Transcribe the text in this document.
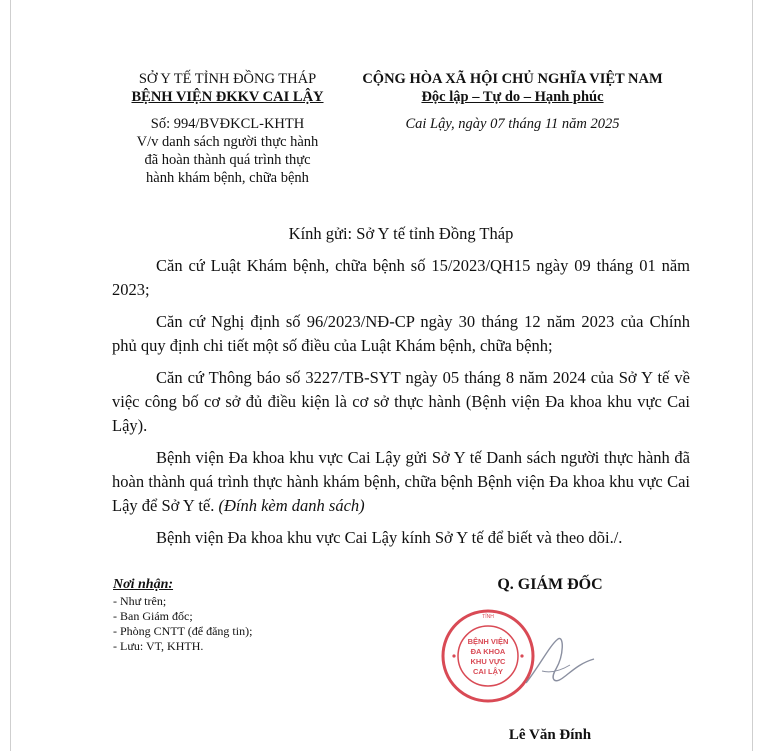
SỞ Y TẾ TỈNH ĐỒNG THÁP
BỆNH VIỆN ĐKKV CAI LẬY
Số: 994/BVĐKCL-KHTH
V/v danh sách người thực hành
đã hoàn thành quá trình thực
hành khám bệnh, chữa bệnh
CỘNG HÒA XÃ HỘI CHỦ NGHĨA VIỆT NAM
Độc lập – Tự do – Hạnh phúc
Cai Lậy, ngày 07 tháng 11 năm 2025
Kính gửi: Sở Y tế tỉnh Đồng Tháp

Căn cứ Luật Khám bệnh, chữa bệnh số 15/2023/QH15 ngày 09 tháng 01 năm 2023;

Căn cứ Nghị định số 96/2023/NĐ-CP ngày 30 tháng 12 năm 2023 của Chính phủ quy định chi tiết một số điều của Luật Khám bệnh, chữa bệnh;

Căn cứ Thông báo số 3227/TB-SYT ngày 05 tháng 8 năm 2024 của Sở Y tế về việc công bố cơ sở đủ điều kiện là cơ sở thực hành (Bệnh viện Đa khoa khu vực Cai Lậy).

Bệnh viện Đa khoa khu vực Cai Lậy gửi Sở Y tế Danh sách người thực hành đã hoàn thành quá trình thực hành khám bệnh, chữa bệnh Bệnh viện Đa khoa khu vực Cai Lậy để Sở Y tế. (Đính kèm danh sách)

Bệnh viện Đa khoa khu vực Cai Lậy kính Sở Y tế để biết và theo dõi./.

Nơi nhận:
- Như trên;
- Ban Giám đốc;
- Phòng CNTT (để đăng tin);
- Lưu: VT, KHTH.
Q. GIÁM ĐỐC
TỈNH
BỆNH VIỆN
ĐA KHOA
KHU VỰC
CAI LẬY
Lê Văn Đính
